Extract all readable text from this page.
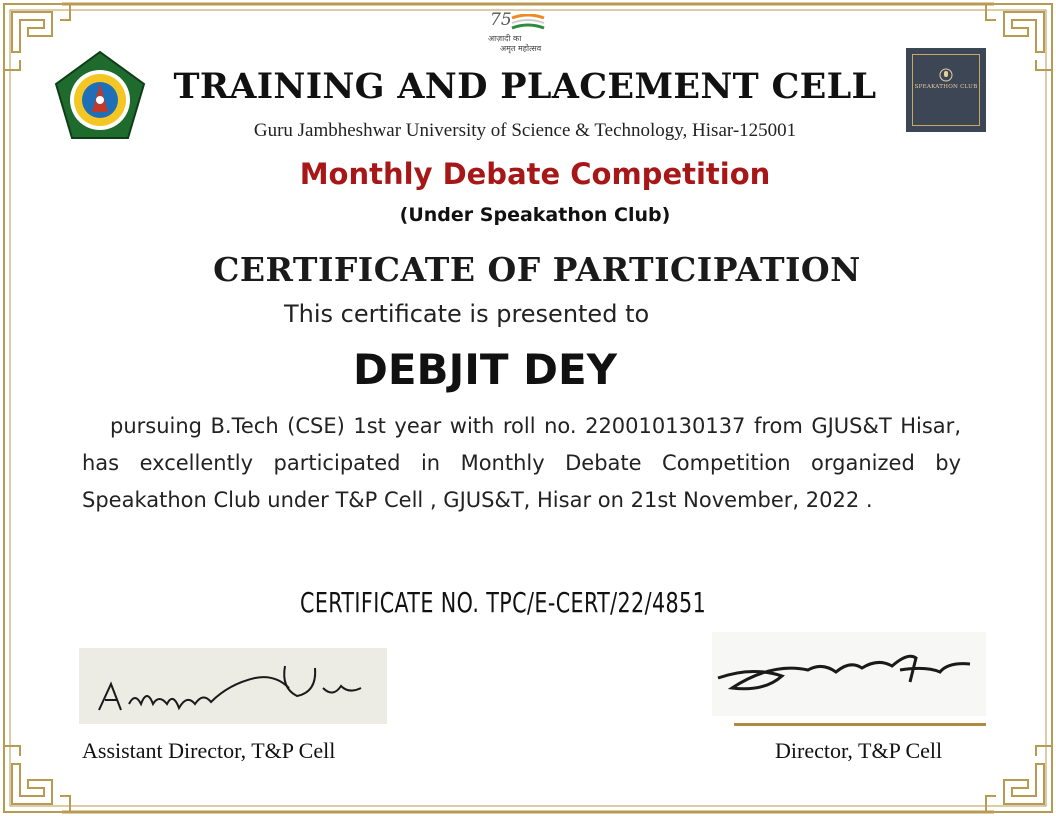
75
आज़ादी का
अमृत महोत्सव
SPEAKATHON CLUB
TRAINING AND PLACEMENT CELL
Guru Jambheshwar University of Science & Technology, Hisar-125001
Monthly Debate Competition
(Under Speakathon Club)
CERTIFICATE OF PARTICIPATION
This certificate is presented to
DEBJIT DEY
pursuing B.Tech (CSE) 1st year with roll no. 220010130137 from GJUS&T Hisar, has excellently participated in Monthly Debate Competition organized by Speakathon Club under T&P Cell , GJUS&T, Hisar on 21st November, 2022 .
CERTIFICATE NO. TPC/E-CERT/22/4851
Assistant Director, T&P Cell	Director, T&P Cell
